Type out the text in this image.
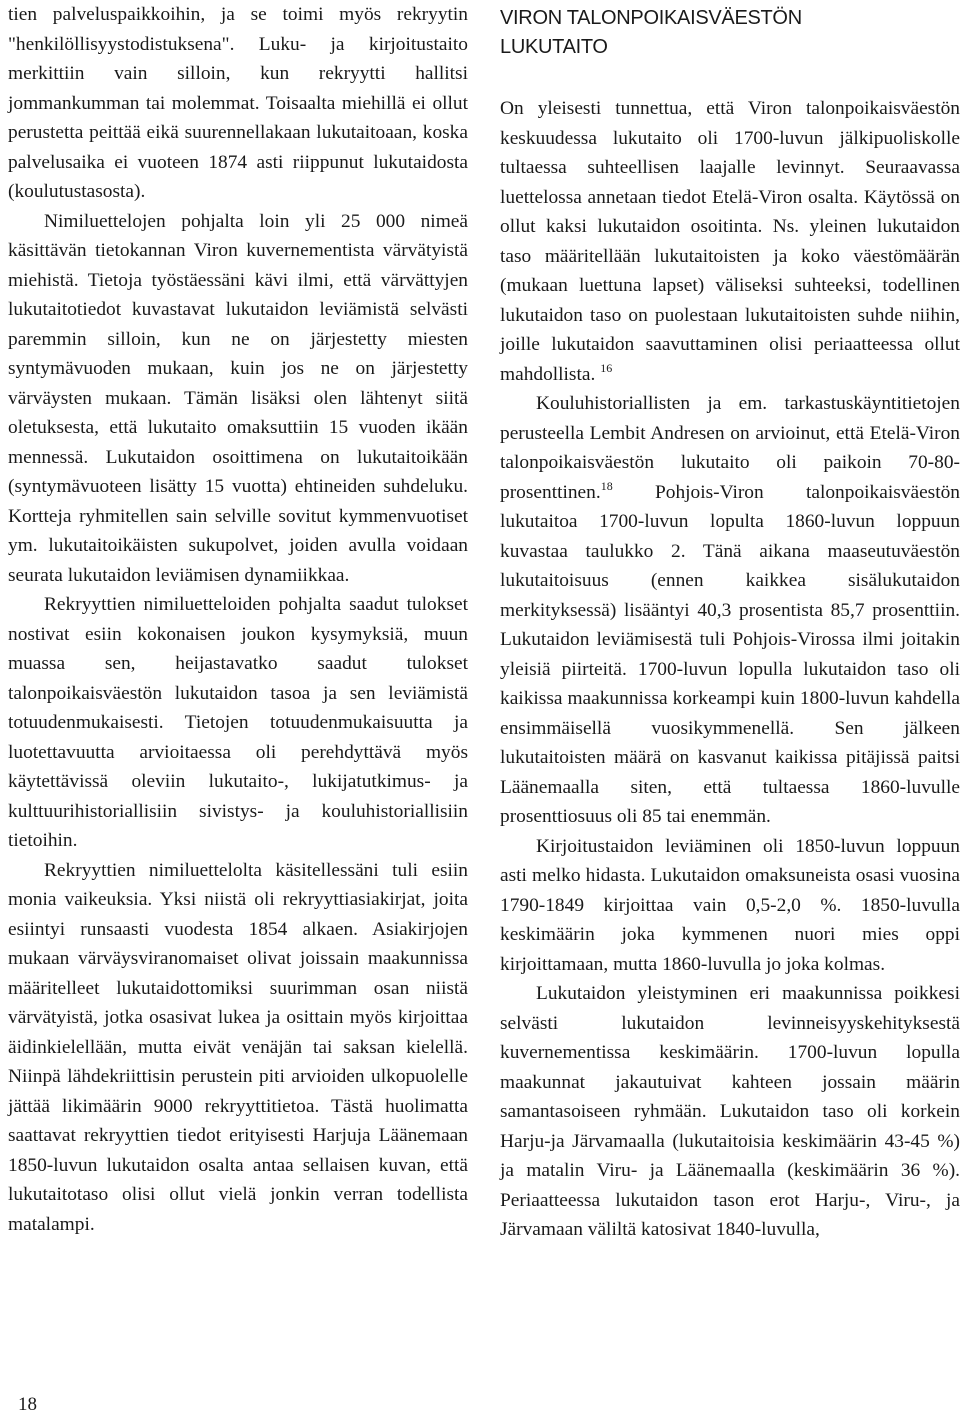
tien palveluspaikkoihin, ja se toimi myös rekryytin "henkilöllisyystodistuksena". Luku- ja kirjoitustaito merkittiin vain silloin, kun rekryytti hallitsi jommankumman tai molemmat. Toisaalta miehillä ei ollut perustetta peittää eikä suurennellakaan lukutaitoaan, koska palvelusaika ei vuoteen 1874 asti riippunut lukutaidosta (koulutustasosta).

Nimiluettelojen pohjalta loin yli 25 000 nimeä käsittävän tietokannan Viron kuvernementista värvätyistä miehistä. Tietoja työstäessäni kävi ilmi, että värvättyjen lukutaitotiedot kuvastavat lukutaidon leviämistä selvästi paremmin silloin, kun ne on järjestetty miesten syntymävuoden mukaan, kuin jos ne on järjestetty värväysten mukaan. Tämän lisäksi olen lähtenyt siitä oletuksesta, että lukutaito omaksuttiin 15 vuoden ikään mennessä. Lukutaidon osoittimena on lukutaitoikään (syntymävuoteen lisätty 15 vuotta) ehtineiden suhdeluku. Kortteja ryhmitellen sain selville sovitut kymmenvuotiset ym. lukutaitoikäisten sukupolvet, joiden avulla voidaan seurata lukutaidon leviämisen dynamiikkaa.

Rekryyttien nimiluetteloiden pohjalta saadut tulokset nostivat esiin kokonaisen joukon kysymyksiä, muun muassa sen, heijastavatko saadut tulokset talonpoikaisväestön lukutaidon tasoa ja sen leviämistä totuudenmukaisesti. Tietojen totuudenmukaisuutta ja luotettavuutta arvioitaessa oli perehdyttävä myös käytettävissä oleviin lukutaito-, lukijatutkimus- ja kulttuurihistoriallisiin sivistys- ja kouluhistoriallisiin tietoihin.

Rekryyttien nimiluettelolta käsitellessäni tuli esiin monia vaikeuksia. Yksi niistä oli rekryyttiasiakirjat, joita esiintyi runsaasti vuodesta 1854 alkaen. Asiakirjojen mukaan värväysviranomaiset olivat joissain maakunnissa määritelleet lukutaidottomiksi suurimman osan niistä värvätyistä, jotka osasivat lukea ja osittain myös kirjoittaa äidinkielellään, mutta eivät venäjän tai saksan kielellä. Niinpä lähdekriittisin perustein piti arvioiden ulkopuolelle jättää likimäärin 9000 rekryyttitietoa. Tästä huolimatta saattavat rekryyttien tiedot erityisesti Harjuja Läänemaan 1850-luvun lukutaidon osalta antaa sellaisen kuvan, että lukutaitotaso olisi ollut vielä jonkin verran todellista matalampi.

VIRON TALONPOIKAISVÄESTÖN
LUKUTAITO

On yleisesti tunnettua, että Viron talonpoikaisväestön keskuudessa lukutaito oli 1700-luvun jälkipuoliskolle tultaessa suhteellisen laajalle levinnyt. Seuraavassa luettelossa annetaan tiedot Etelä-Viron osalta. Käytössä on ollut kaksi lukutaidon osoitinta. Ns. yleinen lukutaidon taso määritellään lukutaitoisten ja koko väestömäärän (mukaan luettuna lapset) väliseksi suhteeksi, todellinen lukutaidon taso on puolestaan lukutaitoisten suhde niihin, joille lukutaidon saavuttaminen olisi periaatteessa ollut mahdollista. $^{16}$

Kouluhistoriallisten ja em. tarkastuskäyntitietojen perusteella Lembit Andresen on arvioinut, että Etelä-Viron talonpoikaisväestön lukutaito oli paikoin 70-80-prosenttinen.$^{18}$ Pohjois-Viron talonpoikaisväestön lukutaitoa 1700-luvun lopulta 1860-luvun loppuun kuvastaa taulukko 2. Tänä aikana maaseutuväestön lukutaitoisuus (ennen kaikkea sisälukutaidon merkityksessä) lisääntyi 40,3 prosentista 85,7 prosenttiin. Lukutaidon leviämisestä tuli Pohjois-Virossa ilmi joitakin yleisiä piirteitä. 1700-luvun lopulla lukutaidon taso oli kaikissa maakunnissa korkeampi kuin 1800-luvun kahdella ensimmäisellä vuosikymmenellä. Sen jälkeen lukutaitoisten määrä on kasvanut kaikissa pitäjissä paitsi Läänemaalla siten, että tultaessa 1860-luvulle prosenttiosuus oli 85 tai enemmän.

Kirjoitustaidon leviäminen oli 1850-luvun loppuun asti melko hidasta. Lukutaidon omaksuneista osasi vuosina 1790-1849 kirjoittaa vain 0,5-2,0 %. 1850-luvulla keskimäärin joka kymmenen nuori mies oppi kirjoittamaan, mutta 1860-luvulla jo joka kolmas.

Lukutaidon yleistyminen eri maakunnissa poikkesi selvästi lukutaidon levinneisyyskehityksestä kuvernementissa keskimäärin. 1700-luvun lopulla maakunnat jakautuivat kahteen jossain määrin samantasoiseen ryhmään. Lukutaidon taso oli korkein Harju-ja Järvamaalla (lukutaitoisia keskimäärin 43-45 %) ja matalin Viru- ja Läänemaalla (keskimäärin 36 %). Periaatteessa lukutaidon tason erot Harju-, Viru-, ja Järvamaan väliltä katosivat 1840-luvulla,

18
